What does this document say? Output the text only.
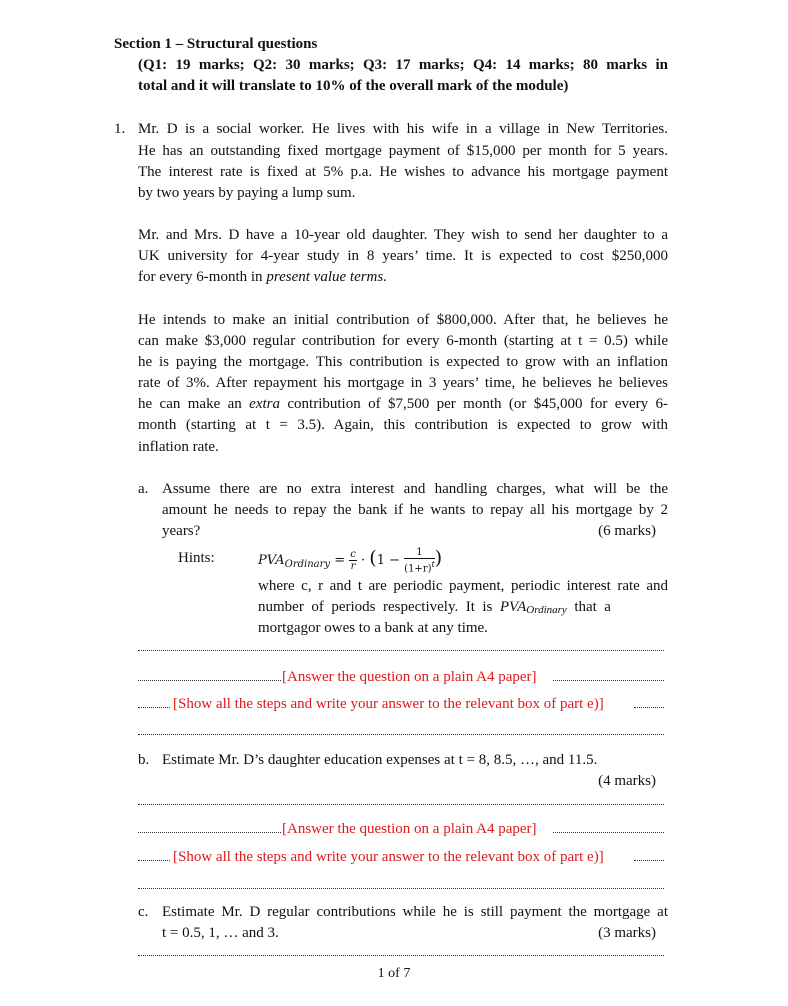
Section 1 – Structural questions
(Q1: 19 marks; Q2: 30 marks; Q3: 17 marks; Q4: 14 marks; 80 marks in
total and it will translate to 10% of the overall mark of the module)
1. Mr. D is a social worker. He lives with his wife in a village in New Territories.
He has an outstanding fixed mortgage payment of $15,000 per month for 5 years.
The interest rate is fixed at 5% p.a. He wishes to advance his mortgage payment
by two years by paying a lump sum.
Mr. and Mrs. D have a 10-year old daughter. They wish to send her daughter to a
UK university for 4-year study in 8 years’ time. It is expected to cost $250,000
for every 6-month in present value terms.
He intends to make an initial contribution of $800,000. After that, he believes he
can make $3,000 regular contribution for every 6-month (starting at t = 0.5) while
he is paying the mortgage. This contribution is expected to grow with an inflation
rate of 3%. After repayment his mortgage in 3 years’ time, he believes he believes
he can make an extra contribution of $7,500 per month (or $45,000 for every 6-
month (starting at t = 3.5). Again, this contribution is expected to grow with
inflation rate.
a. Assume there are no extra interest and handling charges, what will be the
amount he needs to repay the bank if he wants to repay all his mortgage by 2
years?	(6 marks)
Hints:	$PVA_{Ordinary} = \frac{c}{r} \cdot (1 - \frac{1}{(1+r)^t}$ )
where c, r and t are periodic payment, periodic interest rate and
number  of  periods  respectively.  It  is  PVAOrdinary  that  a
mortgagor owes to a bank at any time.
[Answer the question on a plain A4 paper]
[Show all the steps and write your answer to the relevant box of part e)]
b. Estimate Mr. D’s daughter education expenses at t = 8, 8.5, …, and 11.5.
(4 marks)
[Answer the question on a plain A4 paper]
[Show all the steps and write your answer to the relevant box of part e)]
c. Estimate Mr. D regular contributions while he is still payment the mortgage at
t = 0.5, 1, … and 3.	(3 marks)
1 of 7
